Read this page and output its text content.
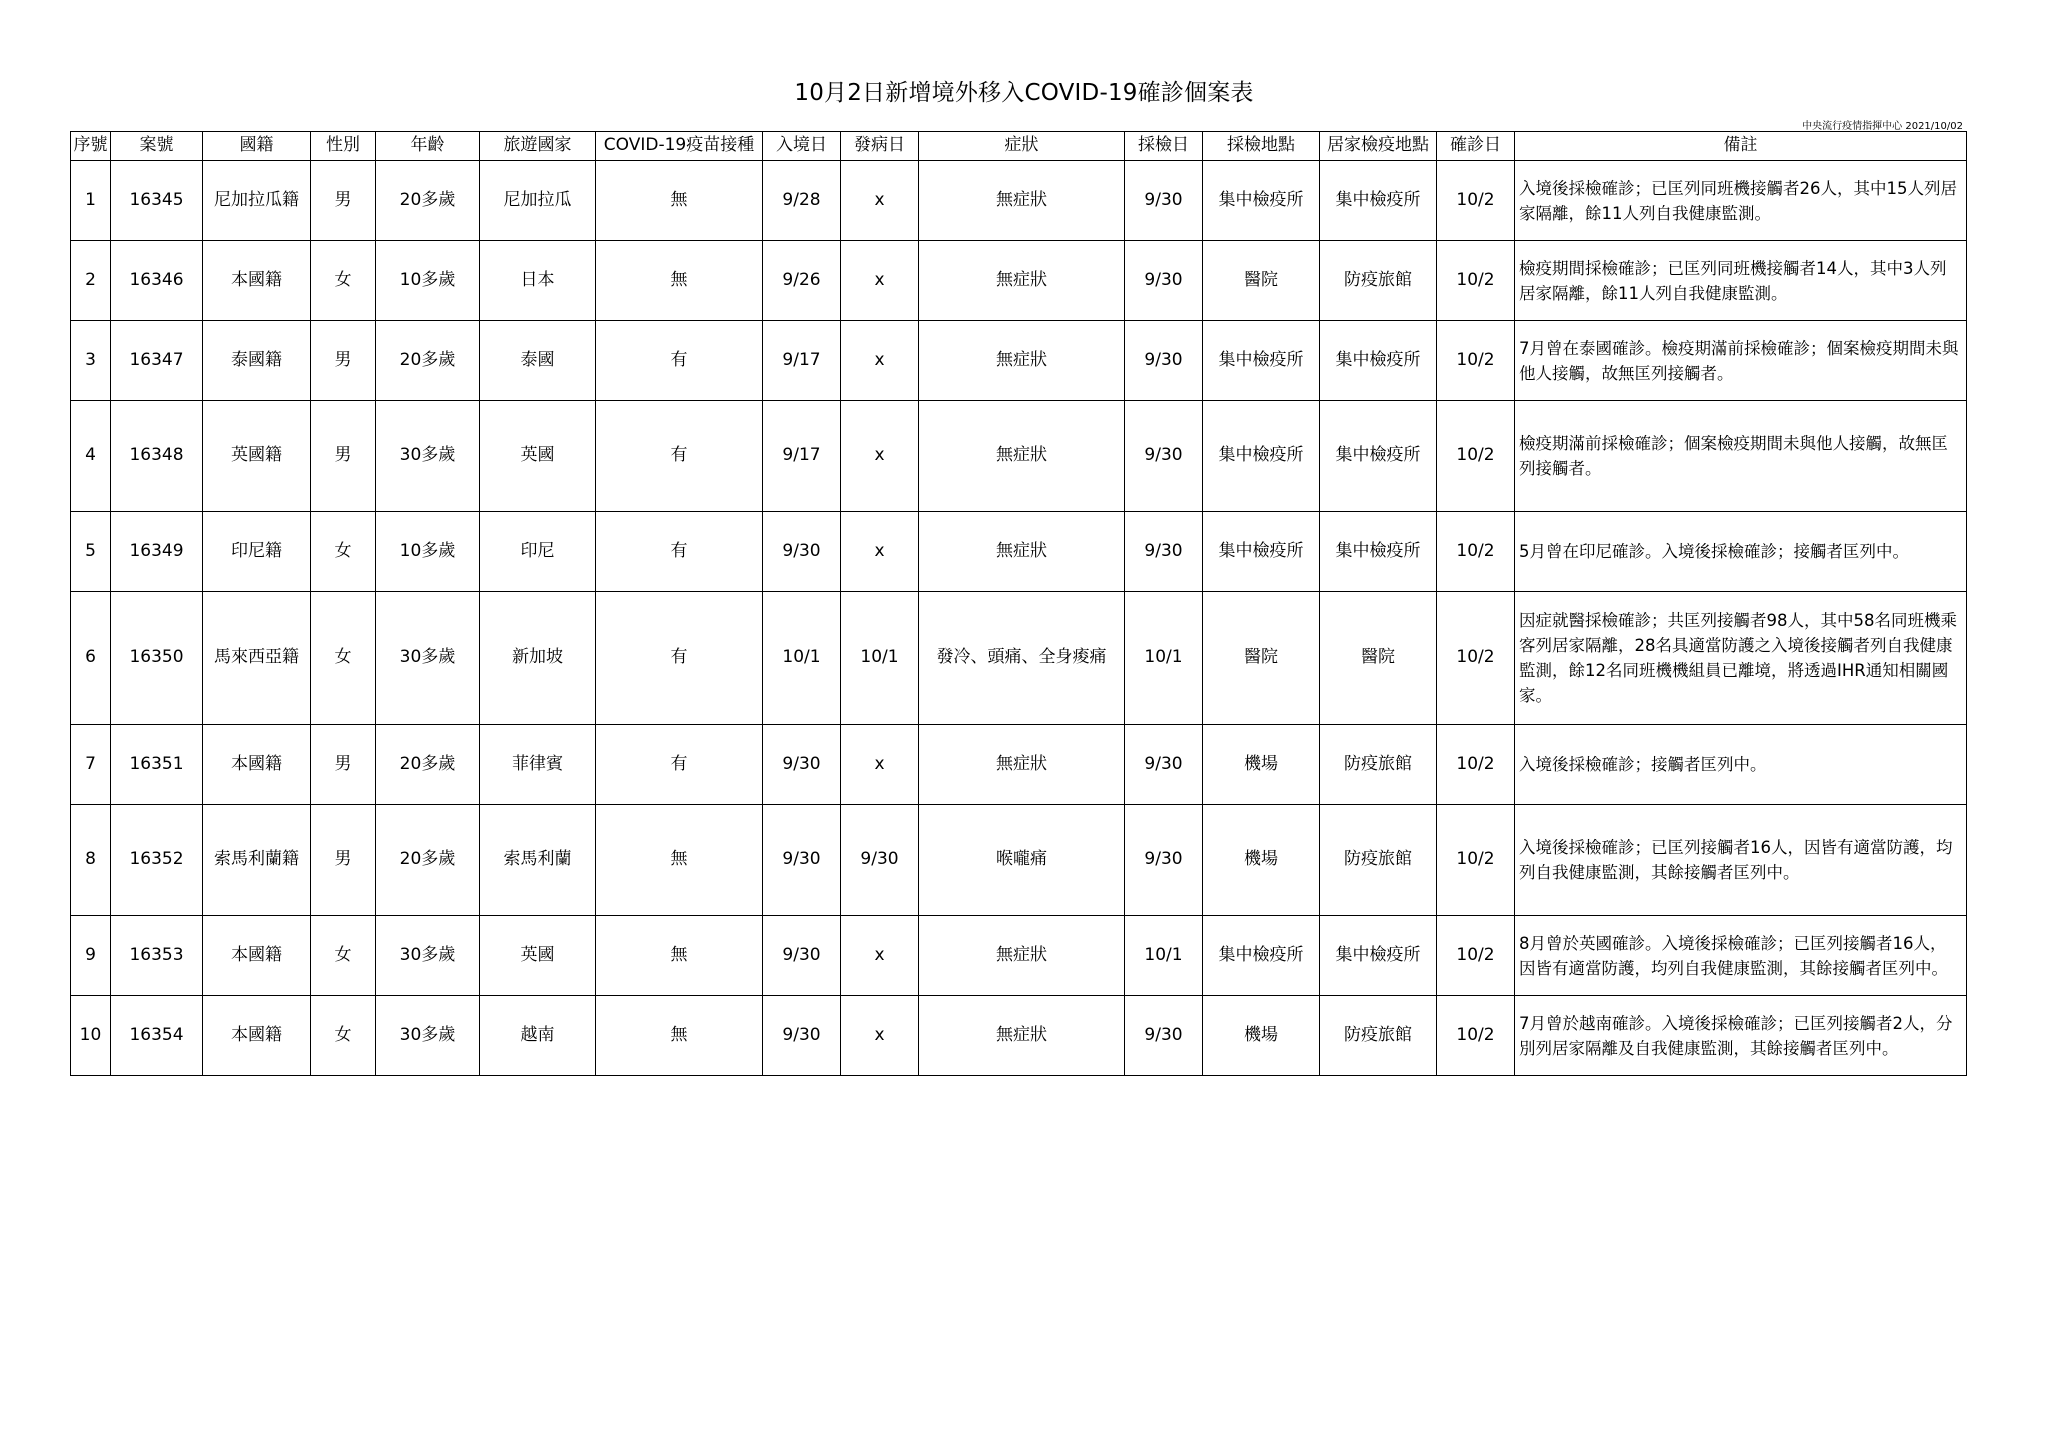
10月2日新增境外移入COVID-19確診個案表
中央流行疫情指揮中心 2021/10/02
序號	案號	國籍	性別	年齡	旅遊國家	COVID-19疫苗接種	入境日	發病日	症狀	採檢日	採檢地點	居家檢疫地點	確診日	備註
1	16345	尼加拉瓜籍	男	20多歲	尼加拉瓜	無	9/28	x	無症狀	9/30	集中檢疫所	集中檢疫所	10/2	入境後採檢確診；已匡列同班機接觸者26人，其中15人列居家隔離，餘11人列自我健康監測。
2	16346	本國籍	女	10多歲	日本	無	9/26	x	無症狀	9/30	醫院	防疫旅館	10/2	檢疫期間採檢確診；已匡列同班機接觸者14人，其中3人列居家隔離，餘11人列自我健康監測。
3	16347	泰國籍	男	20多歲	泰國	有	9/17	x	無症狀	9/30	集中檢疫所	集中檢疫所	10/2	7月曾在泰國確診。檢疫期滿前採檢確診；個案檢疫期間未與他人接觸，故無匡列接觸者。
4	16348	英國籍	男	30多歲	英國	有	9/17	x	無症狀	9/30	集中檢疫所	集中檢疫所	10/2	檢疫期滿前採檢確診；個案檢疫期間未與他人接觸，故無匡列接觸者。
5	16349	印尼籍	女	10多歲	印尼	有	9/30	x	無症狀	9/30	集中檢疫所	集中檢疫所	10/2	5月曾在印尼確診。入境後採檢確診；接觸者匡列中。
6	16350	馬來西亞籍	女	30多歲	新加坡	有	10/1	10/1	發冷、頭痛、全身痠痛	10/1	醫院	醫院	10/2	因症就醫採檢確診；共匡列接觸者98人，其中58名同班機乘客列居家隔離，28名具適當防護之入境後接觸者列自我健康監測，餘12名同班機機組員已離境，將透過IHR通知相關國家。
7	16351	本國籍	男	20多歲	菲律賓	有	9/30	x	無症狀	9/30	機場	防疫旅館	10/2	入境後採檢確診；接觸者匡列中。
8	16352	索馬利蘭籍	男	20多歲	索馬利蘭	無	9/30	9/30	喉嚨痛	9/30	機場	防疫旅館	10/2	入境後採檢確診；已匡列接觸者16人，因皆有適當防護，均列自我健康監測，其餘接觸者匡列中。
9	16353	本國籍	女	30多歲	英國	無	9/30	x	無症狀	10/1	集中檢疫所	集中檢疫所	10/2	8月曾於英國確診。入境後採檢確診；已匡列接觸者16人，因皆有適當防護，均列自我健康監測，其餘接觸者匡列中。
10	16354	本國籍	女	30多歲	越南	無	9/30	x	無症狀	9/30	機場	防疫旅館	10/2	7月曾於越南確診。入境後採檢確診；已匡列接觸者2人，分別列居家隔離及自我健康監測，其餘接觸者匡列中。
